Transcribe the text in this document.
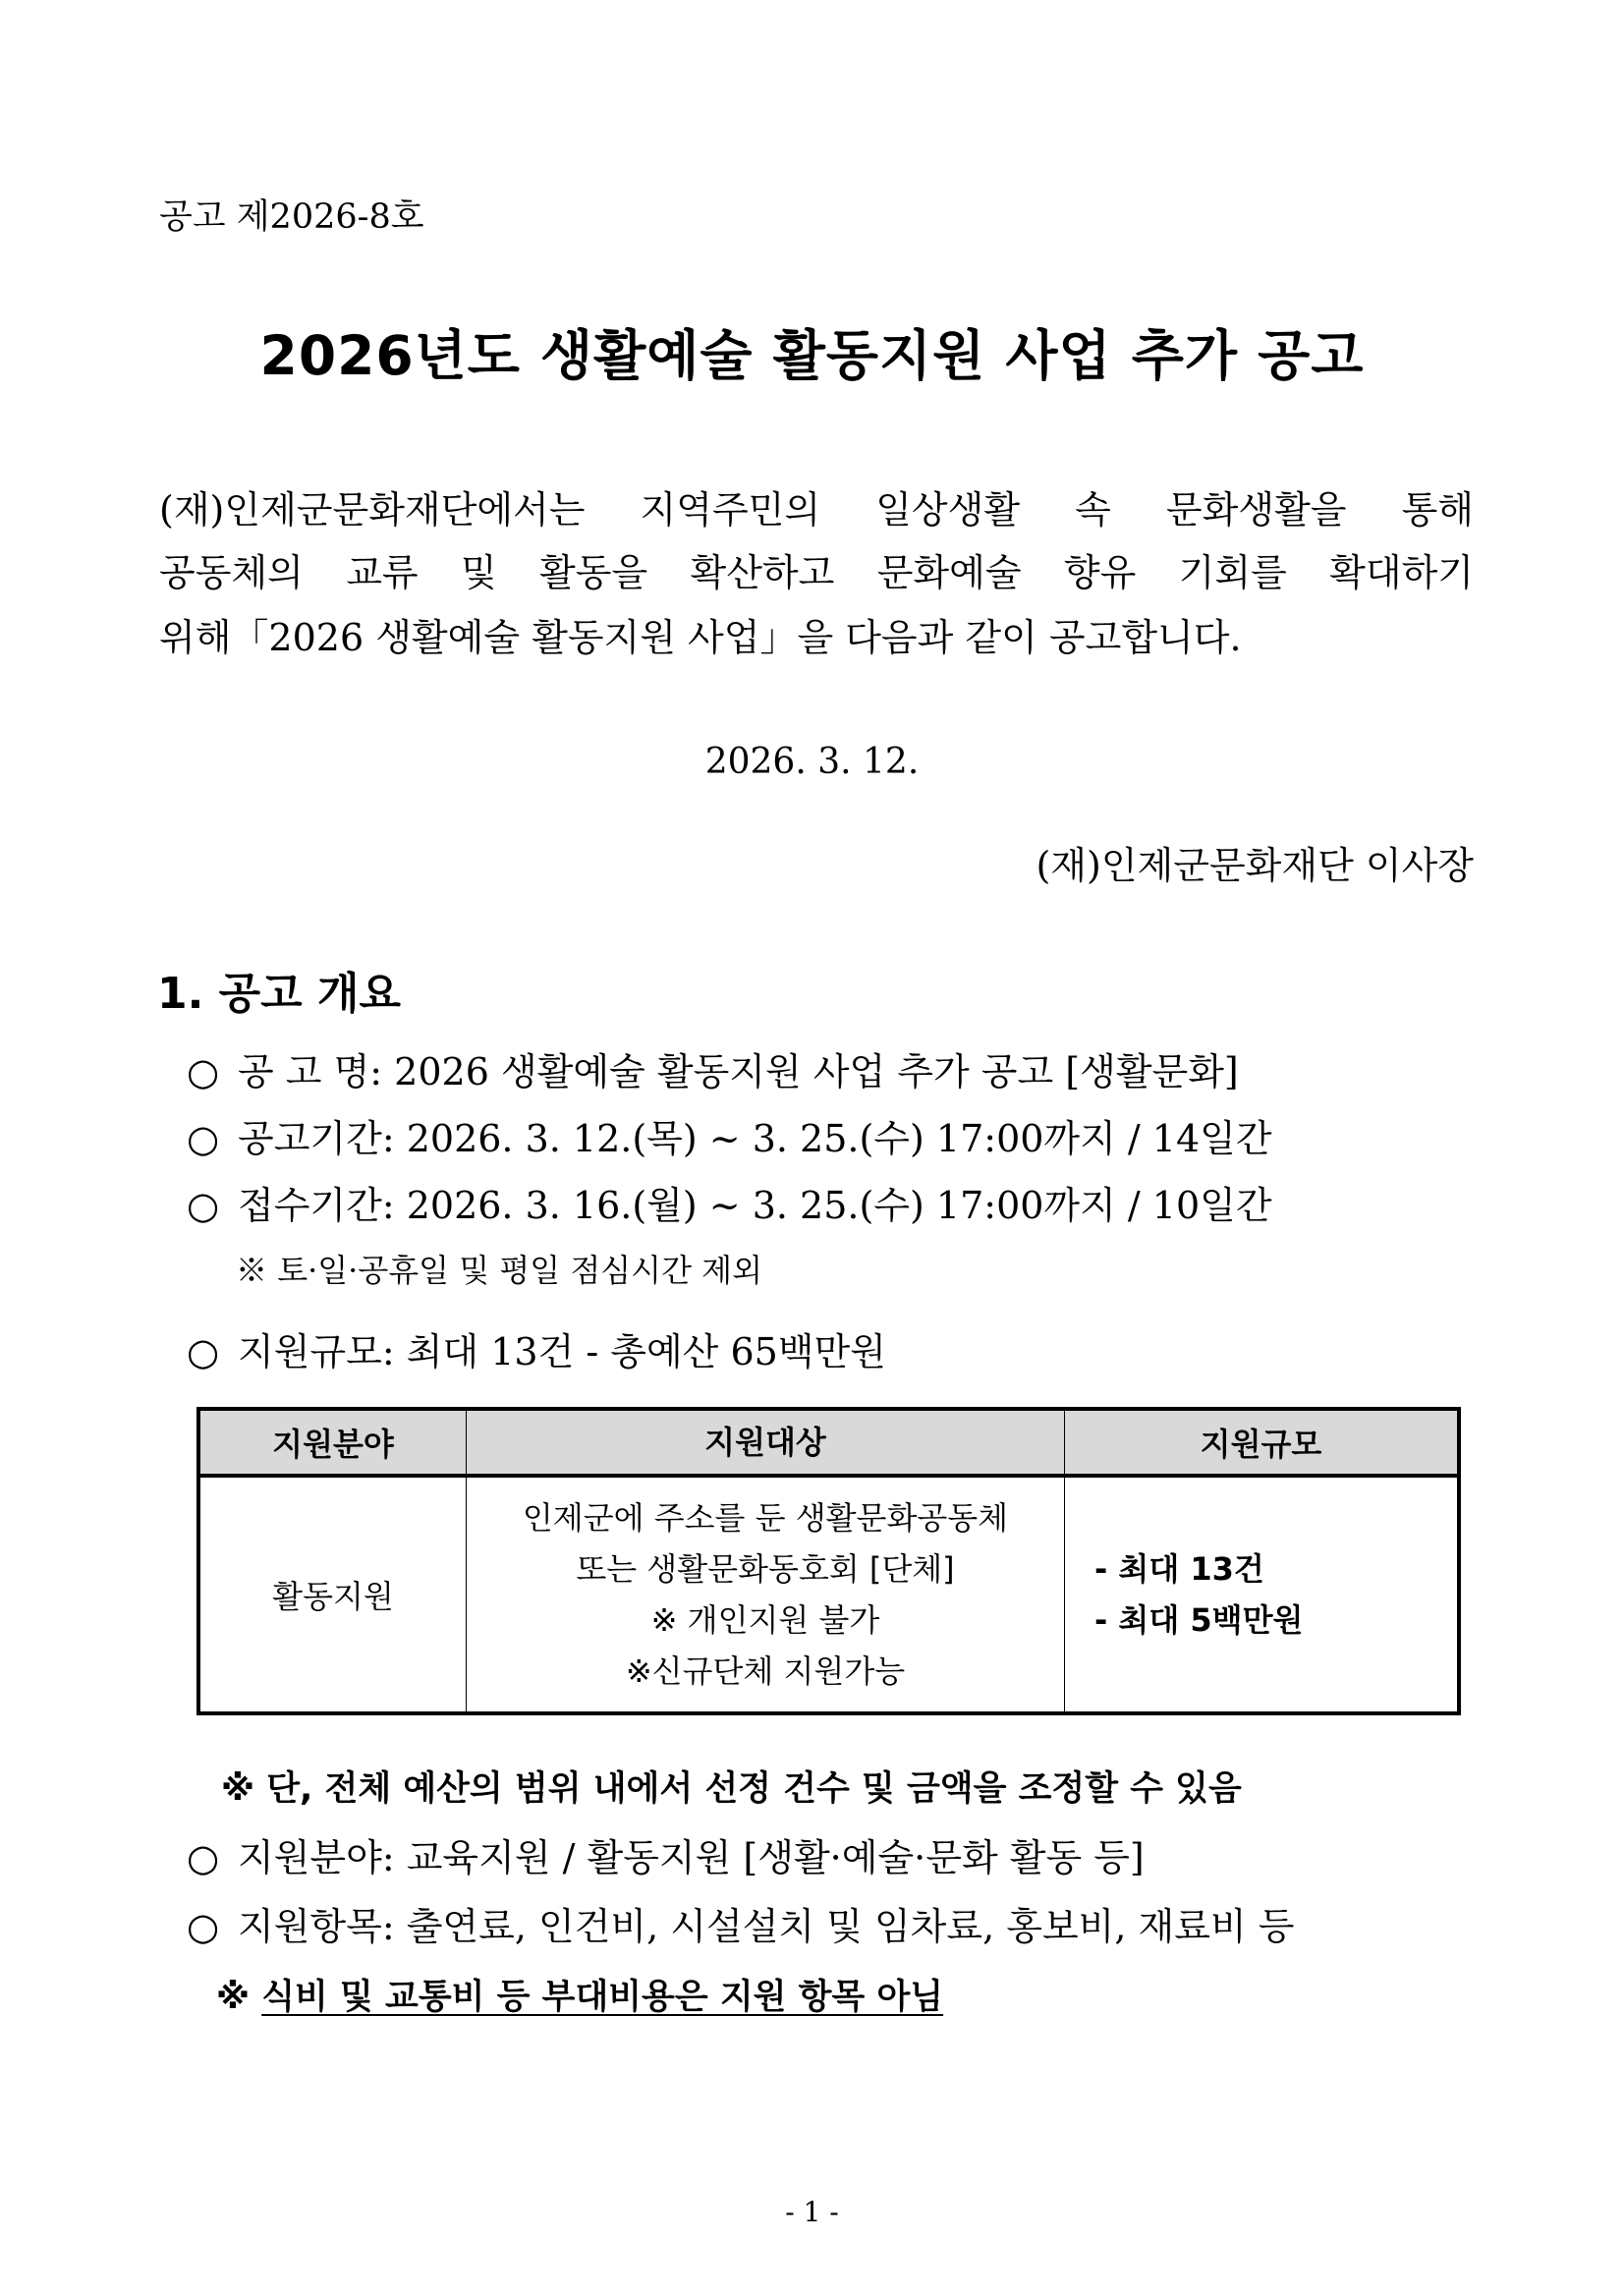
공고 제2026-8호
2026년도 생활예술 활동지원 사업 추가 공고
(재)인제군문화재단에서는 지역주민의 일상생활 속 문화생활을 통해
공동체의 교류 및 활동을 확산하고 문화예술 향유 기회를 확대하기
위해「2026 생활예술 활동지원 사업」을 다음과 같이 공고합니다.
2026. 3. 12.
(재)인제군문화재단 이사장
1. 공고 개요
○ 공 고 명: 2026 생활예술 활동지원 사업 추가 공고 [생활문화]
○ 공고기간: 2026. 3. 12.(목) ~ 3. 25.(수) 17:00까지 / 14일간
○ 접수기간: 2026. 3. 16.(월) ~ 3. 25.(수) 17:00까지 / 10일간
※ 토·일·공휴일 및 평일 점심시간 제외
○ 지원규모: 최대 13건 - 총예산 65백만원
지원분야	지원대상	지원규모
활동지원	인제군에 주소를 둔 생활문화공동체
또는 생활문화동호회 [단체]
※ 개인지원 불가
※신규단체 지원가능	- 최대 13건
- 최대 5백만원
※ 단, 전체 예산의 범위 내에서 선정 건수 및 금액을 조정할 수 있음
○ 지원분야: 교육지원 / 활동지원 [생활·예술·문화 활동 등]
○ 지원항목: 출연료, 인건비, 시설설치 및 임차료, 홍보비, 재료비 등
※ 식비 및 교통비 등 부대비용은 지원 항목 아님
- 1 -
